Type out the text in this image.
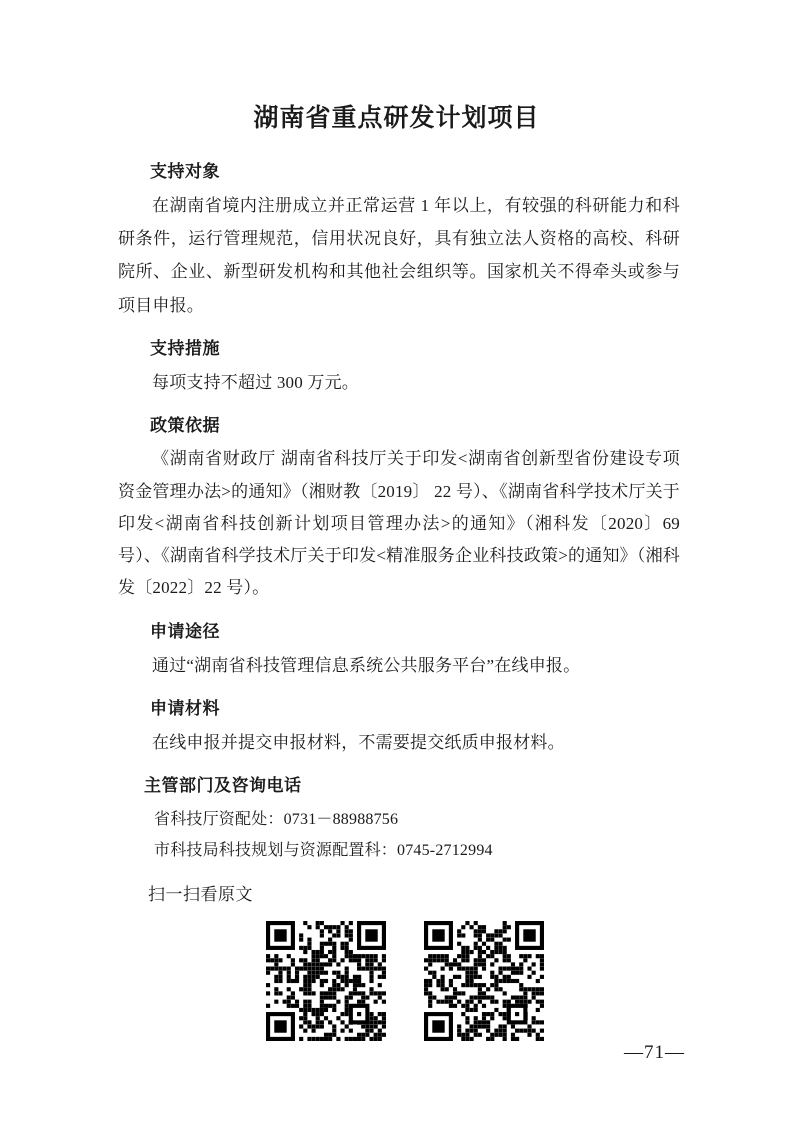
湖南省重点研发计划项目
支持对象

在湖南省境内注册成立并正常运营 1 年以上，有较强的科研能力和科研条件，运行管理规范，信用状况良好，具有独立法人资格的高校、科研院所、企业、新型研发机构和其他社会组织等。国家机关不得牵头或参与项目申报。

支持措施

每项支持不超过 300 万元。

政策依据

《湖南省财政厅 湖南省科技厅关于印发<湖南省创新型省份建设专项资金管理办法>的通知》（湘财教〔2019〕 22 号）、《湖南省科学技术厅关于印发<湖南省科技创新计划项目管理办法>的通知》（湘科发〔2020〕69 号）、《湖南省科学技术厅关于印发<精准服务企业科技政策>的通知》（湘科发〔2022〕22 号）。

申请途径

通过“湖南省科技管理信息系统公共服务平台”在线申报。

申请材料

在线申报并提交申报材料，不需要提交纸质申报材料。

主管部门及咨询电话

省科技厅资配处：0731－88988756

市科技局科技规划与资源配置科：0745-2712994

扫一扫看原文
—71—
